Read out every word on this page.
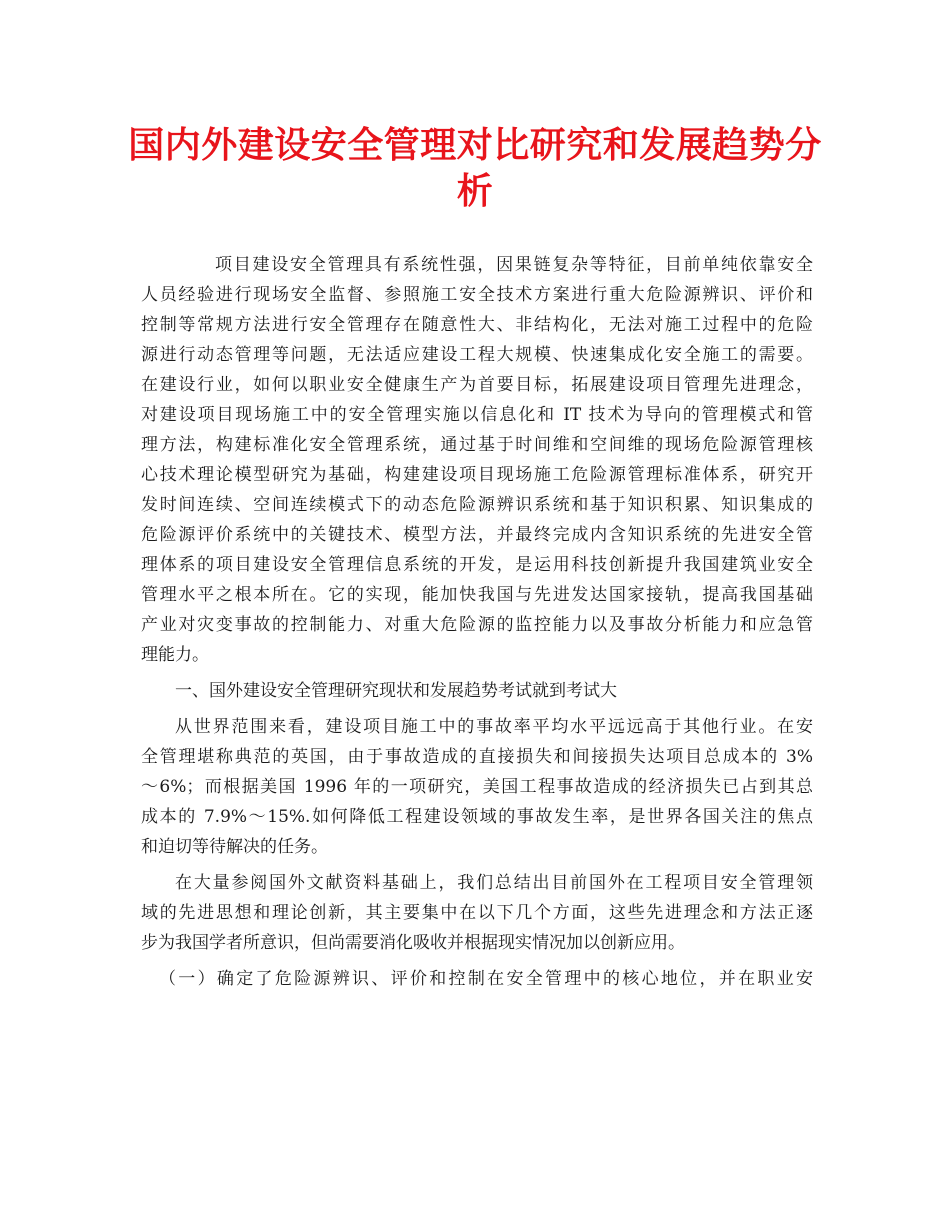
国内外建设安全管理对比研究和发展趋势分
析

项目建设安全管理具有系统性强，因果链复杂等特征，目前单纯依靠安全
人员经验进行现场安全监督、参照施工安全技术方案进行重大危险源辨识、评价和
控制等常规方法进行安全管理存在随意性大、非结构化，无法对施工过程中的危险
源进行动态管理等问题，无法适应建设工程大规模、快速集成化安全施工的需要。
在建设行业，如何以职业安全健康生产为首要目标，拓展建设项目管理先进理念，
对建设项目现场施工中的安全管理实施以信息化和 IT 技术为导向的管理模式和管
理方法，构建标准化安全管理系统，通过基于时间维和空间维的现场危险源管理核
心技术理论模型研究为基础，构建建设项目现场施工危险源管理标准体系，研究开
发时间连续、空间连续模式下的动态危险源辨识系统和基于知识积累、知识集成的
危险源评价系统中的关键技术、模型方法，并最终完成内含知识系统的先进安全管
理体系的项目建设安全管理信息系统的开发，是运用科技创新提升我国建筑业安全
管理水平之根本所在。它的实现，能加快我国与先进发达国家接轨，提高我国基础
产业对灾变事故的控制能力、对重大危险源的监控能力以及事故分析能力和应急管
理能力。

一、国外建设安全管理研究现状和发展趋势考试就到考试大

从世界范围来看，建设项目施工中的事故率平均水平远远高于其他行业。在安
全管理堪称典范的英国，由于事故造成的直接损失和间接损失达项目总成本的 3%
～6%；而根据美国 1996 年的一项研究，美国工程事故造成的经济损失已占到其总
成本的 7.9%～15%.如何降低工程建设领域的事故发生率，是世界各国关注的焦点
和迫切等待解决的任务。

在大量参阅国外文献资料基础上，我们总结出目前国外在工程项目安全管理领
域的先进思想和理论创新，其主要集中在以下几个方面，这些先进理念和方法正逐
步为我国学者所意识，但尚需要消化吸收并根据现实情况加以创新应用。

（一）确定了危险源辨识、评价和控制在安全管理中的核心地位，并在职业安
